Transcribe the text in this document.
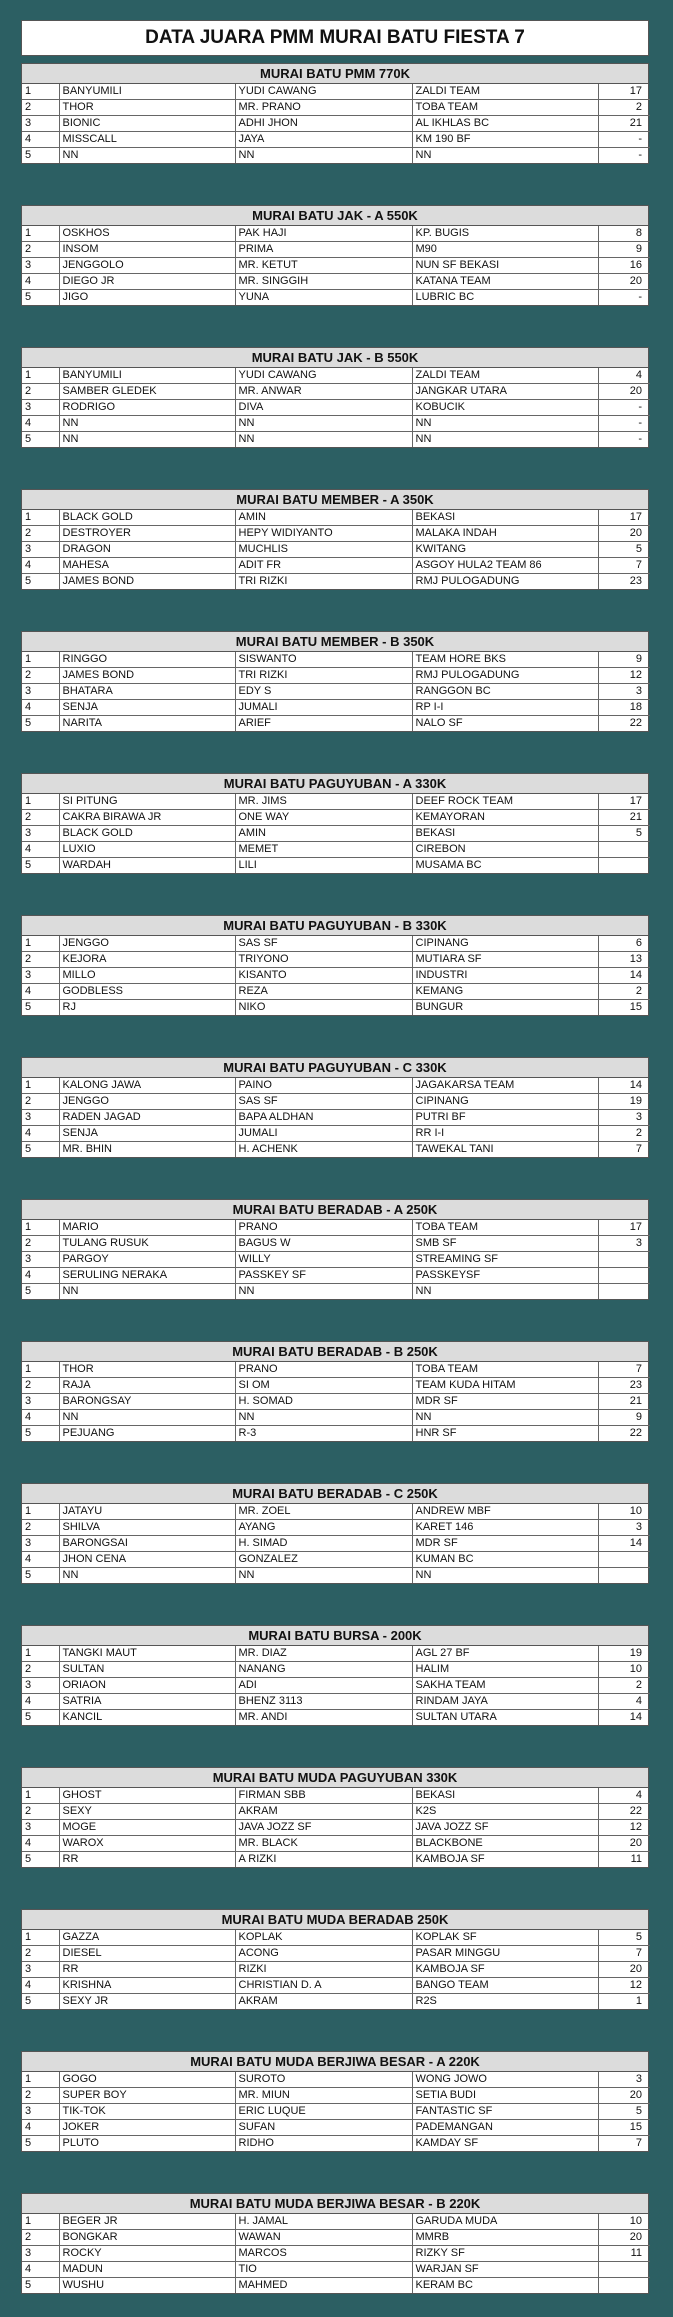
DATA JUARA PMM MURAI BATU FIESTA 7
MURAI BATU PMM 770K
1	BANYUMILI	YUDI CAWANG	ZALDI TEAM	17
2	THOR	MR. PRANO	TOBA TEAM	2
3	BIONIC	ADHI JHON	AL IKHLAS BC	21
4	MISSCALL	JAYA	KM 190 BF	-
5	NN	NN	NN	-
MURAI BATU JAK - A 550K
1	OSKHOS	PAK HAJI	KP. BUGIS	8
2	INSOM	PRIMA	M90	9
3	JENGGOLO	MR. KETUT	NUN SF BEKASI	16
4	DIEGO JR	MR. SINGGIH	KATANA TEAM	20
5	JIGO	YUNA	LUBRIC BC	-
MURAI BATU JAK - B 550K
1	BANYUMILI	YUDI CAWANG	ZALDI TEAM	4
2	SAMBER GLEDEK	MR. ANWAR	JANGKAR UTARA	20
3	RODRIGO	DIVA	KOBUCIK	-
4	NN	NN	NN	-
5	NN	NN	NN	-
MURAI BATU MEMBER - A 350K
1	BLACK GOLD	AMIN	BEKASI	17
2	DESTROYER	HEPY WIDIYANTO	MALAKA INDAH	20
3	DRAGON	MUCHLIS	KWITANG	5
4	MAHESA	ADIT FR	ASGOY HULA2 TEAM 86	7
5	JAMES BOND	TRI RIZKI	RMJ PULOGADUNG	23
MURAI BATU MEMBER - B 350K
1	RINGGO	SISWANTO	TEAM HORE BKS	9
2	JAMES BOND	TRI RIZKI	RMJ PULOGADUNG	12
3	BHATARA	EDY S	RANGGON BC	3
4	SENJA	JUMALI	RP I-I	18
5	NARITA	ARIEF	NALO SF	22
MURAI BATU PAGUYUBAN - A 330K
1	SI PITUNG	MR. JIMS	DEEF ROCK TEAM	17
2	CAKRA BIRAWA JR	ONE WAY	KEMAYORAN	21
3	BLACK GOLD	AMIN	BEKASI	5
4	LUXIO	MEMET	CIREBON	
5	WARDAH	LILI	MUSAMA BC	
MURAI BATU PAGUYUBAN - B 330K
1	JENGGO	SAS SF	CIPINANG	6
2	KEJORA	TRIYONO	MUTIARA SF	13
3	MILLO	KISANTO	INDUSTRI	14
4	GODBLESS	REZA	KEMANG	2
5	RJ	NIKO	BUNGUR	15
MURAI BATU PAGUYUBAN - C 330K
1	KALONG JAWA	PAINO	JAGAKARSA TEAM	14
2	JENGGO	SAS SF	CIPINANG	19
3	RADEN JAGAD	BAPA ALDHAN	PUTRI BF	3
4	SENJA	JUMALI	RR I-I	2
5	MR. BHIN	H. ACHENK	TAWEKAL TANI	7
MURAI BATU BERADAB - A 250K
1	MARIO	PRANO	TOBA TEAM	17
2	TULANG RUSUK	BAGUS W	SMB SF	3
3	PARGOY	WILLY	STREAMING SF	
4	SERULING NERAKA	PASSKEY SF	PASSKEYSF	
5	NN	NN	NN	
MURAI BATU BERADAB - B 250K
1	THOR	PRANO	TOBA TEAM	7
2	RAJA	SI OM	TEAM KUDA HITAM	23
3	BARONGSAY	H. SOMAD	MDR SF	21
4	NN	NN	NN	9
5	PEJUANG	R-3	HNR SF	22
MURAI BATU BERADAB - C 250K
1	JATAYU	MR. ZOEL	ANDREW MBF	10
2	SHILVA	AYANG	KARET 146	3
3	BARONGSAI	H. SIMAD	MDR SF	14
4	JHON CENA	GONZALEZ	KUMAN BC	
5	NN	NN	NN	
MURAI BATU BURSA - 200K
1	TANGKI MAUT	MR. DIAZ	AGL 27 BF	19
2	SULTAN	NANANG	HALIM	10
3	ORIAON	ADI	SAKHA TEAM	2
4	SATRIA	BHENZ 3113	RINDAM JAYA	4
5	KANCIL	MR. ANDI	SULTAN UTARA	14
MURAI BATU MUDA PAGUYUBAN 330K
1	GHOST	FIRMAN SBB	BEKASI	4
2	SEXY	AKRAM	K2S	22
3	MOGE	JAVA JOZZ SF	JAVA JOZZ SF	12
4	WAROX	MR. BLACK	BLACKBONE	20
5	RR	A RIZKI	KAMBOJA SF	11
MURAI BATU MUDA BERADAB 250K
1	GAZZA	KOPLAK	KOPLAK SF	5
2	DIESEL	ACONG	PASAR MINGGU	7
3	RR	RIZKI	KAMBOJA SF	20
4	KRISHNA	CHRISTIAN D. A	BANGO TEAM	12
5	SEXY JR	AKRAM	R2S	1
MURAI BATU MUDA BERJIWA BESAR - A 220K
1	GOGO	SUROTO	WONG JOWO	3
2	SUPER BOY	MR. MIUN	SETIA BUDI	20
3	TIK-TOK	ERIC LUQUE	FANTASTIC SF	5
4	JOKER	SUFAN	PADEMANGAN	15
5	PLUTO	RIDHO	KAMDAY SF	7
MURAI BATU MUDA BERJIWA BESAR - B 220K
1	BEGER JR	H. JAMAL	GARUDA MUDA	10
2	BONGKAR	WAWAN	MMRB	20
3	ROCKY	MARCOS	RIZKY SF	11
4	MADUN	TIO	WARJAN SF	
5	WUSHU	MAHMED	KERAM BC	
